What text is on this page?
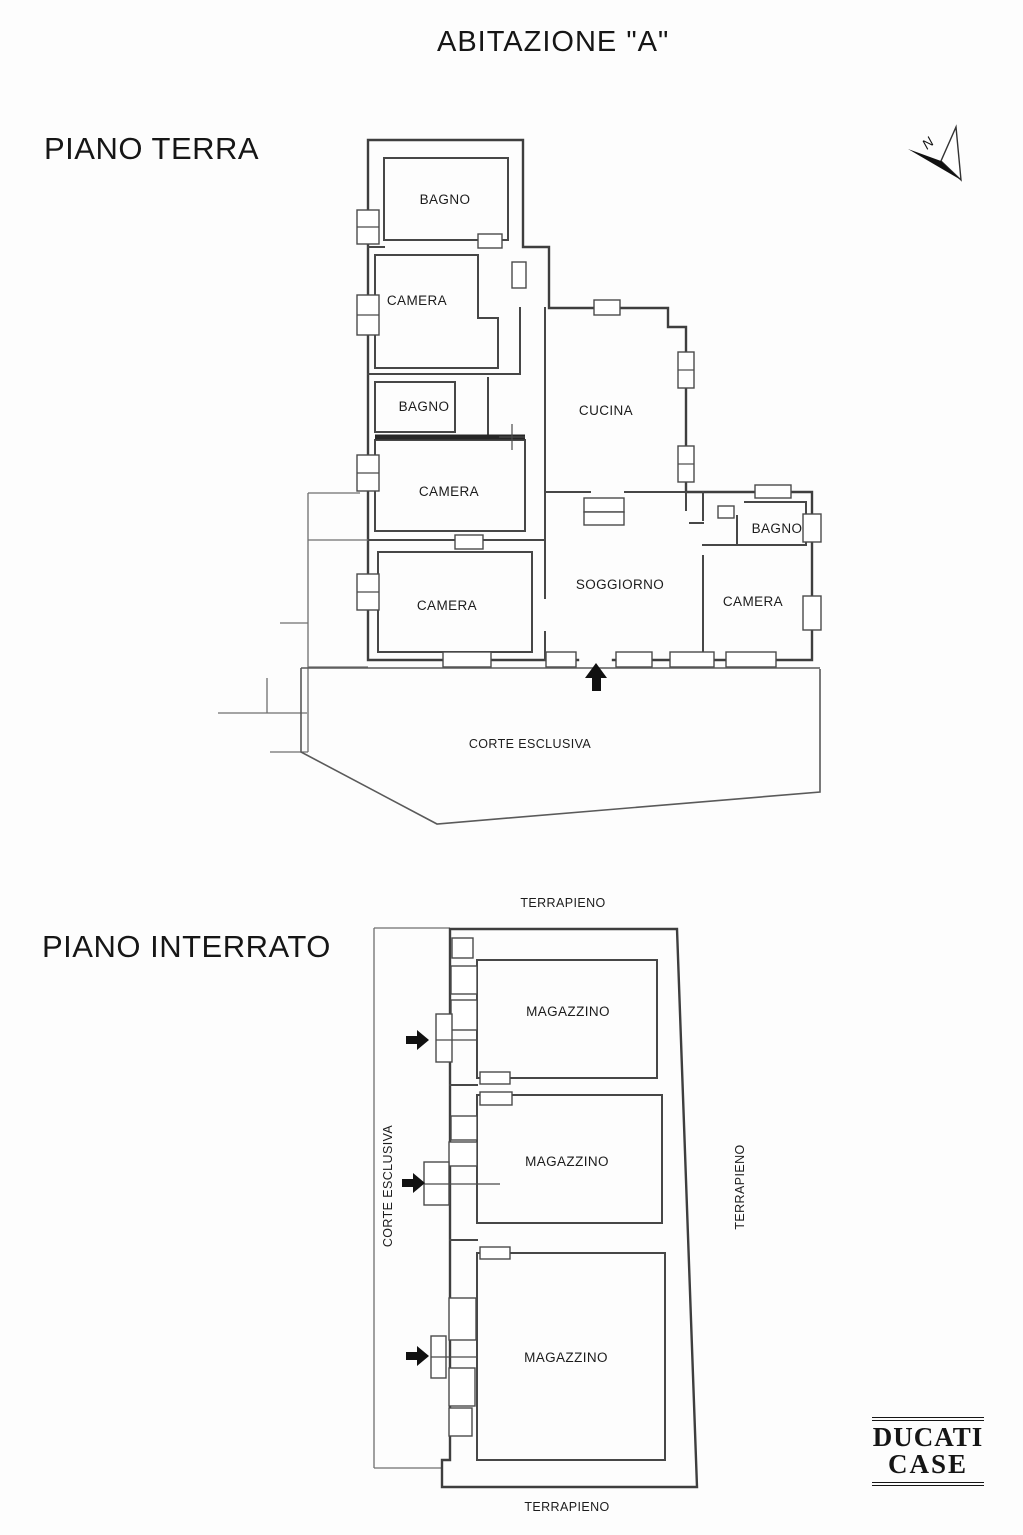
ABITAZIONE "A"
PIANO TERRA
PIANO INTERRATO
BAGNO
CAMERA
BAGNO
CAMERA
CAMERA
CUCINA
SOGGIORNO
BAGNO
CAMERA
CORTE ESCLUSIVA
N
TERRAPIENO
MAGAZZINO
MAGAZZINO
MAGAZZINO
CORTE ESCLUSIVA	TERRAPIENO
TERRAPIENO
DUCATI
CASE
